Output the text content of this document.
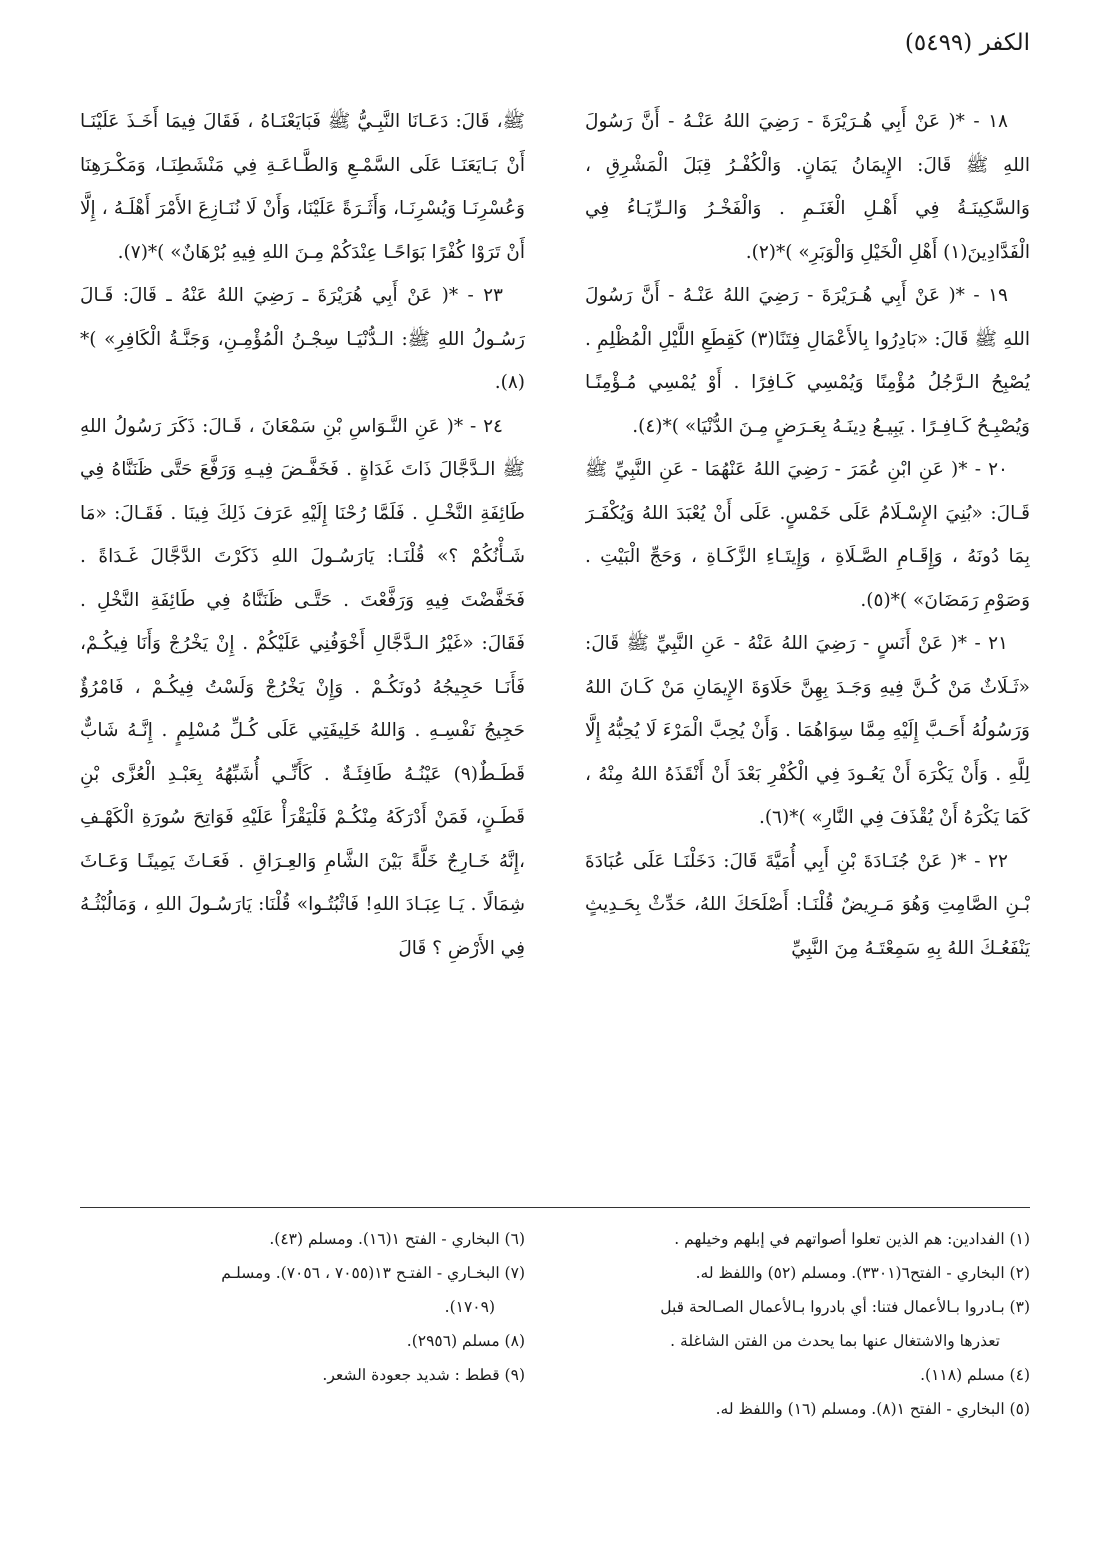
الكفر (٥٤٩٩)

١٨ - *( عَنْ أَبِي هُـرَيْرَةَ - رَضِيَ اللهُ عَنْـهُ - أَنَّ رَسُولَ اللهِ ﷺ قَالَ: الإِيمَانُ يَمَانٍ. وَالْكُفْـرُ قِبَلَ الْمَشْرِقِ ، وَالسَّكِينَـةُ فِي أَهْـلِ الْغَنَـمِ . وَالْفَخْـرُ وَالـرِّيَـاءُ فِي الْفَدَّادِينَ(١) أَهْلِ الْخَيْلِ وَالْوَبَرِ» )*(٢).

١٩ - *( عَنْ أَبِي هُـرَيْرَةَ - رَضِيَ اللهُ عَنْـهُ - أَنَّ رَسُولَ اللهِ ﷺ قَالَ: «بَادِرُوا بِالأَعْمَالِ فِتَنًا(٣) كَقِطَعِ اللَّيْلِ الْمُظْلِمِ . يُصْبِحُ الـرَّجُلُ مُؤْمِنًا وَيُمْسِي كَـافِرًا . أَوْ يُمْسِي مُـؤْمِنًـا وَيُصْبِـحُ كَـافِـرًا . يَبِيـعُ دِينَـهُ بِعَـرَضٍ مِـنَ الدُّنْيَا» )*(٤).

٢٠ - *( عَنِ ابْنِ عُمَرَ - رَضِيَ اللهُ عَنْهُمَا - عَنِ النَّبِيِّ ﷺ قَـالَ: «بُنِيَ الإِسْـلَامُ عَلَى خَمْسٍ. عَلَى أَنْ يُعْبَدَ اللهُ وَيُكْفَـرَ بِمَا دُونَهُ ، وَإِقَـامِ الصَّـلَاةِ ، وَإِيتَـاءِ الزَّكَـاةِ ، وَحَجِّ الْبَيْتِ . وَصَوْمِ رَمَضَانَ» )*(٥).

٢١ - *( عَنْ أَنَسٍ - رَضِيَ اللهُ عَنْهُ - عَنِ النَّبِيِّ ﷺ قَالَ: «ثَـلَاثٌ مَنْ كُـنَّ فِيهِ وَجَـدَ بِهِنَّ حَلَاوَةَ الإِيمَانِ مَنْ كَـانَ اللهُ وَرَسُولُهُ أَحَـبَّ إِلَيْهِ مِمَّا سِوَاهُمَا . وَأَنْ يُحِبَّ الْمَرْءَ لَا يُحِبُّهُ إِلَّا لِلَّهِ . وَأَنْ يَكْرَهَ أَنْ يَعُـودَ فِي الْكُفْرِ بَعْدَ أَنْ أَنْقَذَهُ اللهُ مِنْهُ ، كَمَا يَكْرَهُ أَنْ يُقْذَفَ فِي النَّارِ» )*(٦).

٢٢ - *( عَنْ جُنَـادَةَ بْنِ أَبِي أُمَيَّةَ قَالَ: دَخَلْنَـا عَلَى عُبَادَةَ بْـنِ الصَّامِتِ وَهُوَ مَـرِيضٌ قُلْنَـا: أَصْلَحَكَ اللهُ، حَدِّثْ بِحَـدِيثٍ يَنْفَعُـكَ اللهُ بِهِ سَمِعْتَـهُ مِنَ النَّبِيِّ

ﷺ، قَالَ: دَعَـانَا النَّبِـيُّ ﷺ فَبَايَعْنَـاهُ ، فَقَالَ فِيمَا أَخَـذَ عَلَيْنَـا أَنْ بَـايَعَنَـا عَلَى السَّمْـعِ وَالطَّـاعَـةِ فِي مَنْشَطِنَـا، وَمَكْـرَهِنَا وَعُسْرِنَـا وَيُسْرِنَـا، وَأَثَـرَةً عَلَيْنَا، وَأَنْ لَا نُنَـازِعَ الأَمْرَ أَهْلَـهُ ، إِلَّا أَنْ تَرَوْا كُفْرًا بَوَاحًـا عِنْدَكُمْ مِـنَ اللهِ فِيهِ بُرْهَانٌ» )*(٧).

٢٣ - *( عَنْ أَبِي هُرَيْرَةَ ـ رَضِيَ اللهُ عَنْهُ ـ قَالَ: قَـالَ رَسُـولُ اللهِ ﷺ: الـدُّنْيَـا سِجْـنُ الْمُؤْمِـنِ، وَجَنَّـةُ الْكَافِرِ» )*(٨).

٢٤ - *( عَنِ النَّـوَاسِ بْنِ سَمْعَانَ ، قَـالَ: ذَكَرَ رَسُولُ اللهِ ﷺ الـدَّجَّالَ ذَاتَ غَدَاةٍ . فَخَفَّـضَ فِيـهِ وَرَفَّعَ حَتَّى ظَنَنَّاهُ فِي طَائِفَةِ النَّخْـلِ . فَلَمَّا رُحْنَا إِلَيْهِ عَرَفَ ذَلِكَ فِينَا . فَقَـالَ: «مَا شَـأْنُكُمْ ؟» قُلْنَـا: يَارَسُـولَ اللهِ ذَكَرْتَ الدَّجَّالَ غَـدَاةً . فَخَفَّضْتَ فِيهِ وَرَفَّعْتَ . حَتَّـى ظَنَنَّاهُ فِي طَائِفَةِ النَّخْلِ . فَقَالَ: «غَيْرُ الـدَّجَّالِ أَخْوَفُنِي عَلَيْكُمْ . إِنْ يَخْرُجْ وَأَنَا فِيكُـمْ، فَأَنَـا حَجِيجُهُ دُونَكُـمْ . وَإِنْ يَخْرُجْ وَلَسْتُ فِيكُـمْ ، فَامْرُؤٌ حَجِيجُ نَفْسِـهِ . وَاللهُ خَلِيفَتِي عَلَى كُـلِّ مُسْلِمٍ . إِنَّـهُ شَابٌّ قَطَـطٌ(٩) عَيْنُـهُ طَافِئَـةٌ . كَأَنِّـي أُشَبِّهُهُ بِعَبْـدِ الْعُزَّى بْنِ قَطَـنٍ، فَمَنْ أَدْرَكَهُ مِنْكُـمْ فَلْيَقْرَأْ عَلَيْهِ فَوَاتِحَ سُورَةِ الْكَهْـفِ ،إِنَّهُ خَـارِجٌ خَلَّةً بَيْنَ الشَّامِ وَالعِـرَاقِ . فَعَـاثَ يَمِينًـا وَعَـاثَ شِمَالًا . يَـا عِبَـادَ اللهِ! فَاثْبُتُـوا» قُلْنَا: يَارَسُـولَ اللهِ ، وَمَالُبْثُـهُ فِي الأَرْضِ ؟ قَالَ

(١) الفدادين: هم الذين تعلوا أصواتهم في إبلهم وخيلهم .

(٢) البخاري - الفتح٦(٣٣٠١). ومسلم (٥٢) واللفظ له.

(٣) بـادروا بـالأعمال فتنا: أي بادروا بـالأعمال الصـالحة قبل

تعذرها والاشتغال عنها بما يحدث من الفتن الشاغلة .

(٤) مسلم (١١٨).

(٥) البخاري - الفتح ١(٨). ومسلم (١٦) واللفظ له.

(٦) البخاري - الفتح ١(١٦). ومسلم (٤٣).

(٧) البخـاري - الفتـح ١٣(٧٠٥٥ ، ٧٠٥٦). ومسلـم

(١٧٠٩).

(٨) مسلم (٢٩٥٦).

(٩) قطط : شديد جعودة الشعر.
